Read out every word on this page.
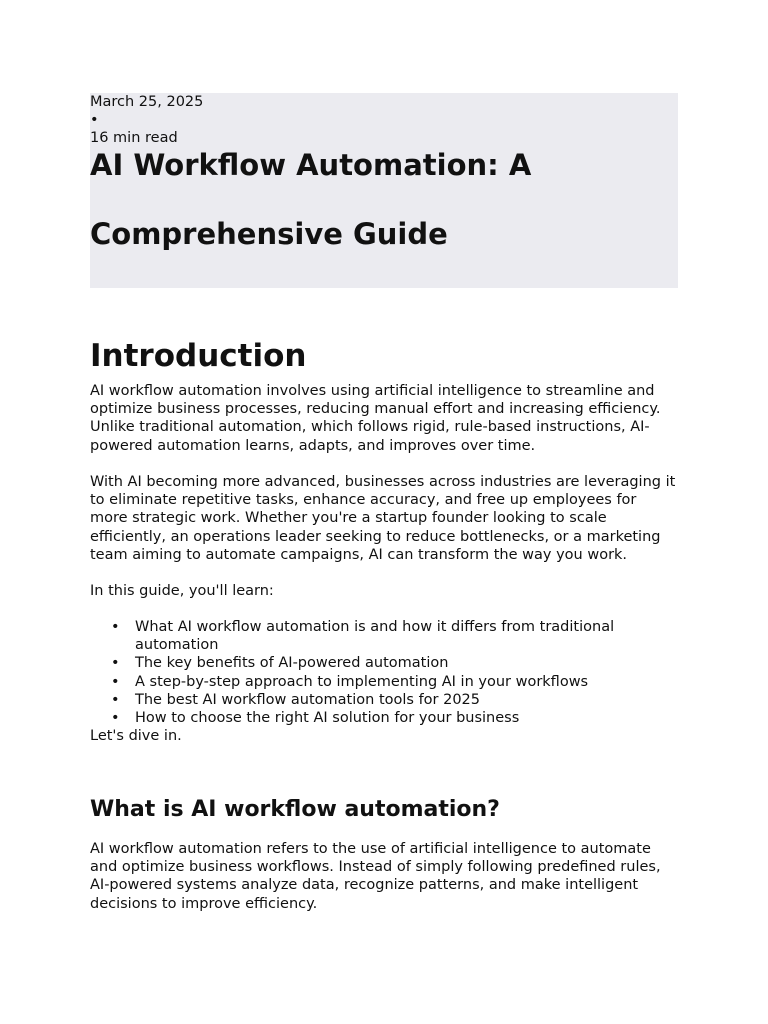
March 25, 2025

•

16 min read

AI Workflow Automation: A
Comprehensive Guide
Introduction

AI workflow automation involves using artificial intelligence to streamline and optimize business processes, reducing manual effort and increasing efficiency. Unlike traditional automation, which follows rigid, rule-based instructions, AI-powered automation learns, adapts, and improves over time.

With AI becoming more advanced, businesses across industries are leveraging it to eliminate repetitive tasks, enhance accuracy, and free up employees for more strategic work. Whether you're a startup founder looking to scale efficiently, an operations leader seeking to reduce bottlenecks, or a marketing team aiming to automate campaigns, AI can transform the way you work.

In this guide, you'll learn:

• What AI workflow automation is and how it differs from traditional automation
• The key benefits of AI-powered automation
• A step-by-step approach to implementing AI in your workflows
• The best AI workflow automation tools for 2025
• How to choose the right AI solution for your business

Let's dive in.

What is AI workflow automation?

AI workflow automation refers to the use of artificial intelligence to automate and optimize business workflows. Instead of simply following predefined rules, AI-powered systems analyze data, recognize patterns, and make intelligent decisions to improve efficiency.
